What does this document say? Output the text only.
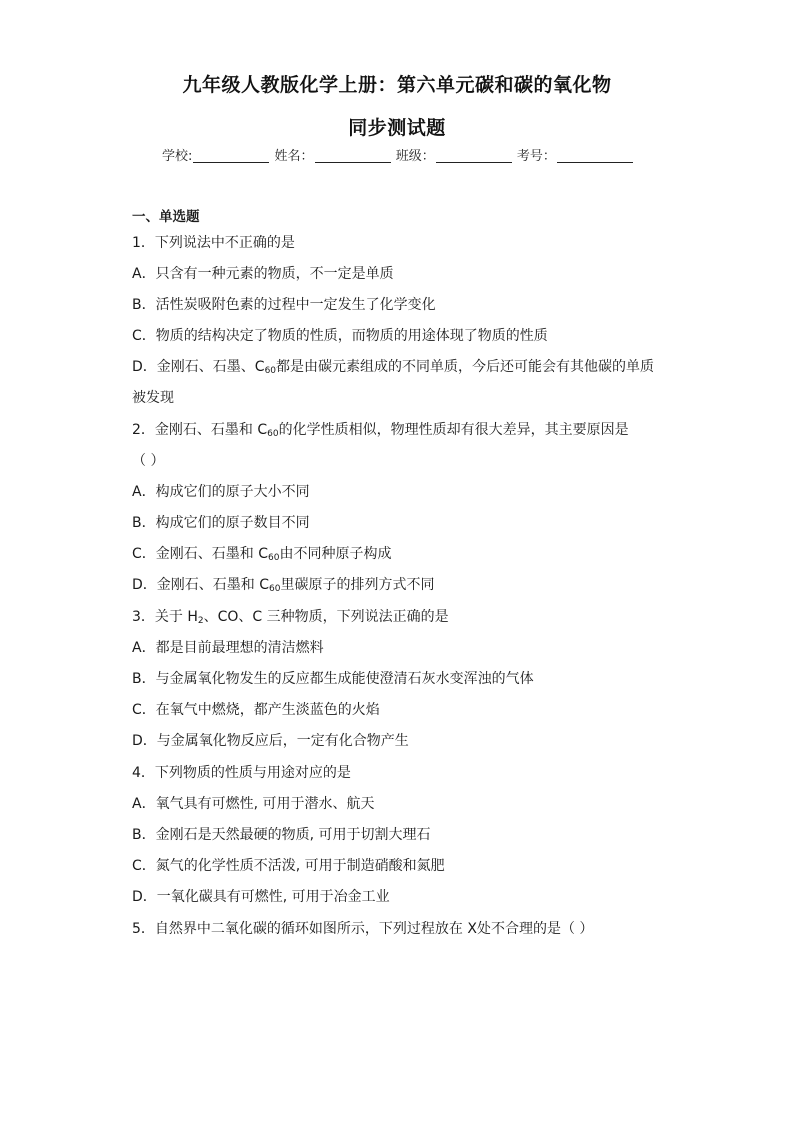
九年级人教版化学上册：第六单元碳和碳的氧化物
同步测试题
学校:	姓名：	班级：	考号：
一、单选题
1．下列说法中不正确的是
A．只含有一种元素的物质，不一定是单质
B．活性炭吸附色素的过程中一定发生了化学变化
C．物质的结构决定了物质的性质，而物质的用途体现了物质的性质
D．金刚石、石墨、$C_{60}$都是由碳元素组成的不同单质，今后还可能会有其他碳的单质
被发现
2．金刚石、石墨和 $C_{60}$的化学性质相似，物理性质却有很大差异，其主要原因是
（ ）
A．构成它们的原子大小不同
B．构成它们的原子数目不同
C．金刚石、石墨和 $C_{60}$由不同种原子构成
D．金刚石、石墨和 $C_{60}$里碳原子的排列方式不同
3．关于 $H_2$、CO、C 三种物质，下列说法正确的是
A．都是目前最理想的清洁燃料
B．与金属氧化物发生的反应都生成能使澄清石灰水变浑浊的气体
C．在氧气中燃烧，都产生淡蓝色的火焰
D．与金属氧化物反应后，一定有化合物产生
4．下列物质的性质与用途对应的是
A．氧气具有可燃性, 可用于潜水、航天
B．金刚石是天然最硬的物质, 可用于切割大理石
C．氮气的化学性质不活泼, 可用于制造硝酸和氮肥
D．一氧化碳具有可燃性, 可用于冶金工业
5．自然界中二氧化碳的循环如图所示，下列过程放在 X处不合理的是（ ）
